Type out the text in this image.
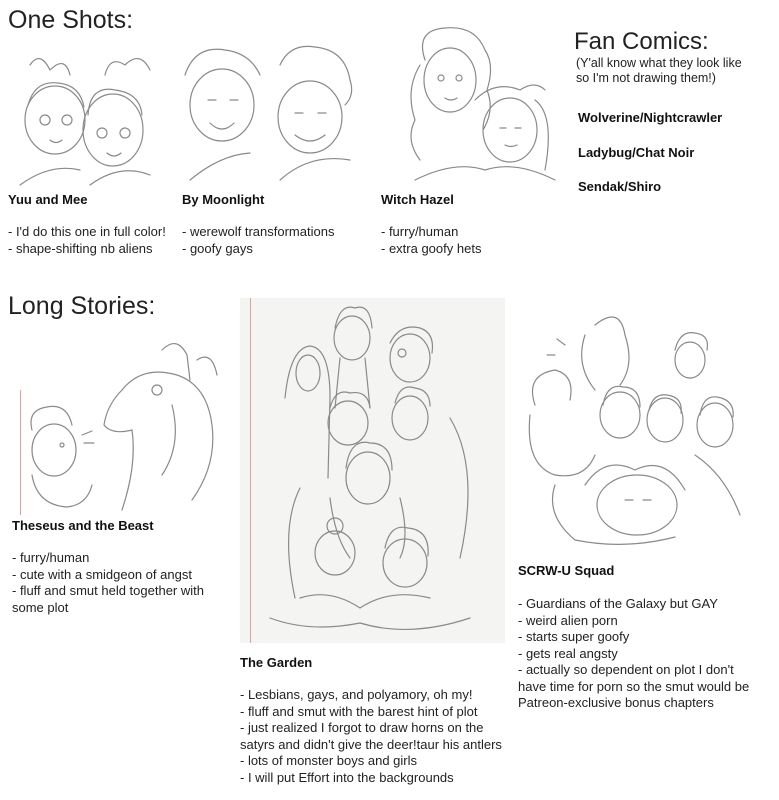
One Shots:
Yuu and Mee
- I'd do this one in full color!
- shape-shifting nb aliens
By Moonlight
- werewolf transformations
- goofy gays
Witch Hazel
- furry/human
- extra goofy hets
Fan Comics:
(Y'all know what they look like
so I'm not drawing them!)
Wolverine/Nightcrawler
Ladybug/Chat Noir
Sendak/Shiro
Long Stories:
Theseus and the Beast
- furry/human
- cute with a smidgeon of angst
- fluff and smut held together with
some plot
The Garden
- Lesbians, gays, and polyamory, oh my!
- fluff and smut with the barest hint of plot
- just realized I forgot to draw horns on the
satyrs and didn't give the deer!taur his antlers
- lots of monster boys and girls
- I will put Effort into the backgrounds
SCRW-U Squad
- Guardians of the Galaxy but GAY
- weird alien porn
- starts super goofy
- gets real angsty
- actually so dependent on plot I don't
have time for porn so the smut would be
Patreon-exclusive bonus chapters
